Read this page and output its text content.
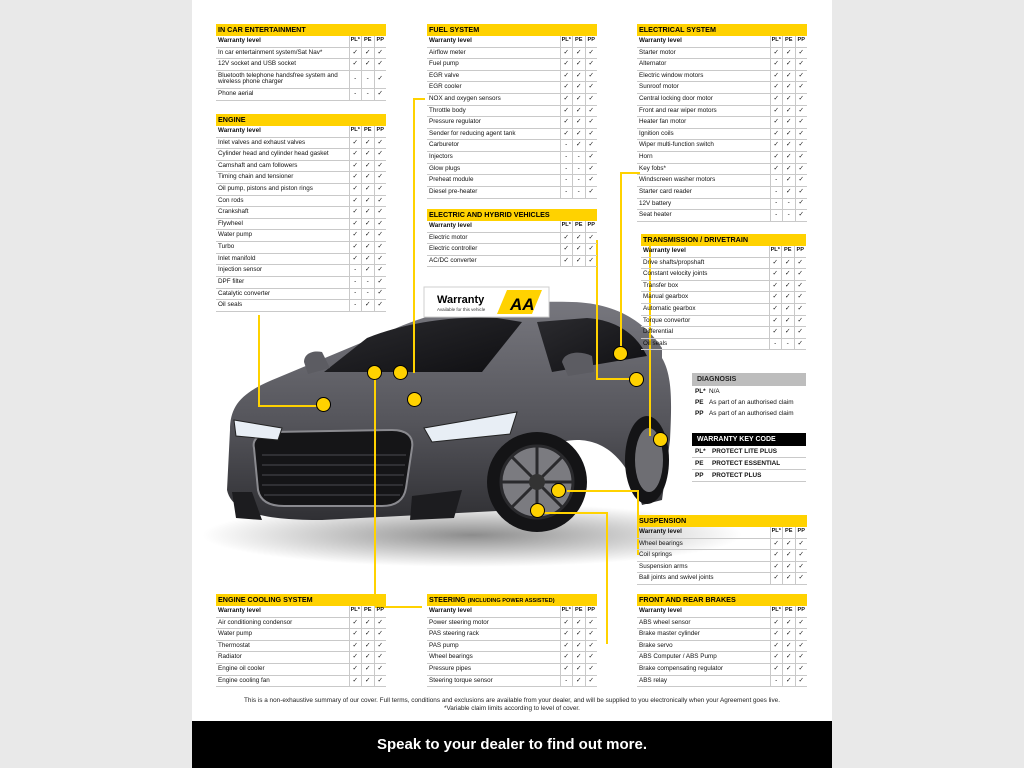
Warranty
Available for this vehicle AA
IN CAR ENTERTAINMENT
Warranty level	PL* PE PP
In car entertainment system/Sat Nav*	✓	✓	✓
12V socket and USB socket	✓	✓	✓
Bluetooth telephone handsfree system and wireless phone charger	-	-	✓
Phone aerial	-	-	✓
ENGINE
Warranty level	PL* PE PP
Inlet valves and exhaust valves	✓	✓	✓
Cylinder head and cylinder head gasket	✓	✓	✓
Camshaft and cam followers	✓	✓	✓
Timing chain and tensioner	✓	✓	✓
Oil pump, pistons and piston rings	✓	✓	✓
Con rods	✓	✓	✓
Crankshaft	✓	✓	✓
Flywheel	✓	✓	✓
Water pump	✓	✓	✓
Turbo	✓	✓	✓
Inlet manifold	✓	✓	✓
Injection sensor	-	✓	✓
DPF filter	-	-	✓
Catalytic converter	-	-	✓
Oil seals	-	✓	✓
FUEL SYSTEM
Warranty level	PL* PE PP
Airflow meter	✓	✓	✓
Fuel pump	✓	✓	✓
EGR valve	✓	✓	✓
EGR cooler	✓	✓	✓
NOX and oxygen sensors	✓	✓	✓
Throttle body	✓	✓	✓
Pressure regulator	✓	✓	✓
Sender for reducing agent tank	✓	✓	✓
Carburetor	-	✓	✓
Injectors	-	-	✓
Glow plugs	-	-	✓
Preheat module	-	-	✓
Diesel pre-heater	-	-	✓
ELECTRIC AND HYBRID VEHICLES
Warranty level	PL* PE PP
Electric motor	✓	✓	✓
Electric controller	✓	✓	✓
AC/DC converter	✓	✓	✓
ELECTRICAL SYSTEM
Warranty level	PL* PE PP
Starter motor	✓	✓	✓
Alternator	✓	✓	✓
Electric window motors	✓	✓	✓
Sunroof motor	✓	✓	✓
Central locking door motor	✓	✓	✓
Front and rear wiper motors	✓	✓	✓
Heater fan motor	✓	✓	✓
Ignition coils	✓	✓	✓
Wiper multi-function switch	✓	✓	✓
Horn	✓	✓	✓
Key fobs*	✓	✓	✓
Windscreen washer motors	-	✓	✓
Starter card reader	-	✓	✓
12V battery	-	-	✓
Seat heater	-	-	✓
TRANSMISSION / DRIVETRAIN
Warranty level	PL* PE PP
Drive shafts/propshaft	✓	✓	✓
Constant velocity joints	✓	✓	✓
Transfer box	✓	✓	✓
Manual gearbox	✓	✓	✓
Automatic gearbox	✓	✓	✓
Torque convertor	✓	✓	✓
Differential	✓	✓	✓
Oil seals	-	-	✓
SUSPENSION
Warranty level	PL* PE PP
Wheel bearings	✓	✓	✓
Coil springs	✓	✓	✓
Suspension arms	✓	✓	✓
Ball joints and swivel joints	✓	✓	✓
ENGINE COOLING SYSTEM
Warranty level	PL* PE PP
Air conditioning condensor	✓	✓	✓
Water pump	✓	✓	✓
Thermostat	✓	✓	✓
Radiator	✓	✓	✓
Engine oil cooler	✓	✓	✓
Engine cooling fan	✓	✓	✓
STEERING (INCLUDING POWER ASSISTED)
Warranty level	PL* PE PP
Power steering motor	✓	✓	✓
PAS steering rack	✓	✓	✓
PAS pump	✓	✓	✓
Wheel bearings	✓	✓	✓
Pressure pipes	✓	✓	✓
Steering torque sensor	-	✓	✓
FRONT AND REAR BRAKES
Warranty level	PL* PE PP
ABS wheel sensor	✓	✓	✓
Brake master cylinder	✓	✓	✓
Brake servo	✓	✓	✓
ABS Computer / ABS Pump	✓	✓	✓
Brake compensating regulator	✓	✓	✓
ABS relay	-	✓	✓
DIAGNOSIS
PL* N/A
PE As part of an authorised claim
PP As part of an authorised claim
WARRANTY KEY CODE
PL* PROTECT LITE PLUS
PE	PROTECT ESSENTIAL
PP	PROTECT PLUS
This is a non-exhaustive summary of our cover. Full terms, conditions and exclusions are available from your dealer, and will be supplied to you electronically when your Agreement goes live.
*Variable claim limits according to level of cover.
Speak to your dealer to find out more.
